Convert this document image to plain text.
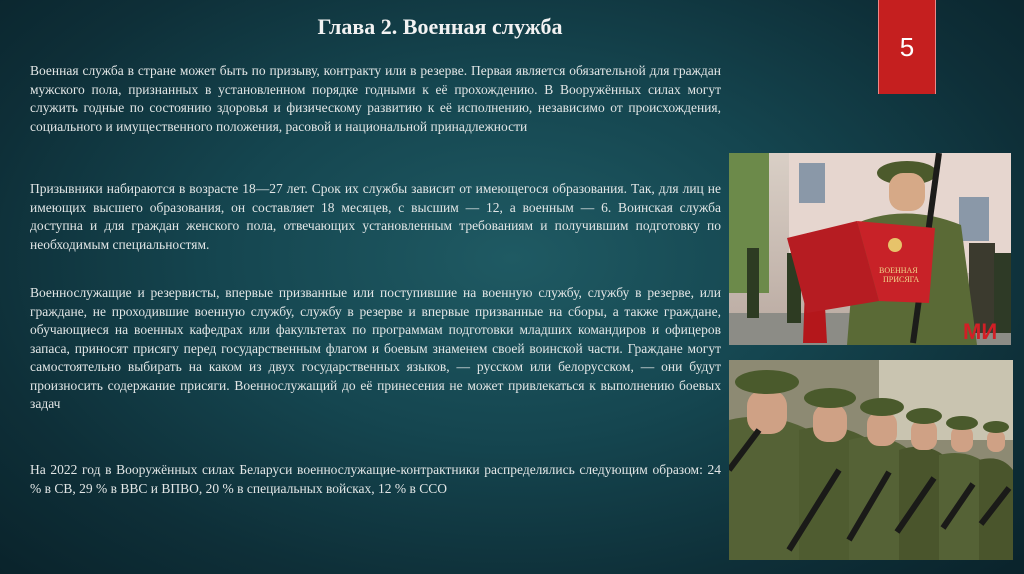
Глава 2. Военная служба
5

Военная служба в стране может быть по призыву, контракту или в резерве. Первая является обязательной для граждан мужского пола, признанных в установленном порядке годными к её прохождению. В Вооружённых силах могут служить годные по состоянию здоровья и физическому развитию к её исполнению, независимо от происхождения, социального и имущественного положения, расовой и национальной принадлежности

Призывники набираются в возрасте 18—27 лет. Срок их службы зависит от имеющегося образования. Так, для лиц не имеющих высшего образования, он составляет 18 месяцев, с высшим — 12, а военным — 6. Воинская служба доступна и для граждан женского пола, отвечающих установленным требованиям и получившим подготовку по необходимым специальностям.

Военнослужащие и резервисты, впервые призванные или поступившие на военную службу, службу в резерве, или граждане, не проходившие военную службу, службу в резерве и впервые призванные на сборы, а также граждане, обучающиеся на военных кафедрах или факультетах по программам подготовки младших командиров и офицеров запаса, приносят присягу перед государственным флагом и боевым знаменем своей воинской части. Граждане могут самостоятельно выбирать на каком из двух государственных языков, — русском или белорусском, — они будут произносить содержание присяги. Военнослужащий до её принесения не может привлекаться к выполнению боевых задач

На 2022 год в Вооружённых силах Беларуси военнослужащие-контрактники распределялись следующим образом: 24 % в СВ, 29 % в ВВС и ВПВО, 20 % в специальных войсках, 12 % в ССО

ВОЕННАЯ ПРИСЯГА
МИ
